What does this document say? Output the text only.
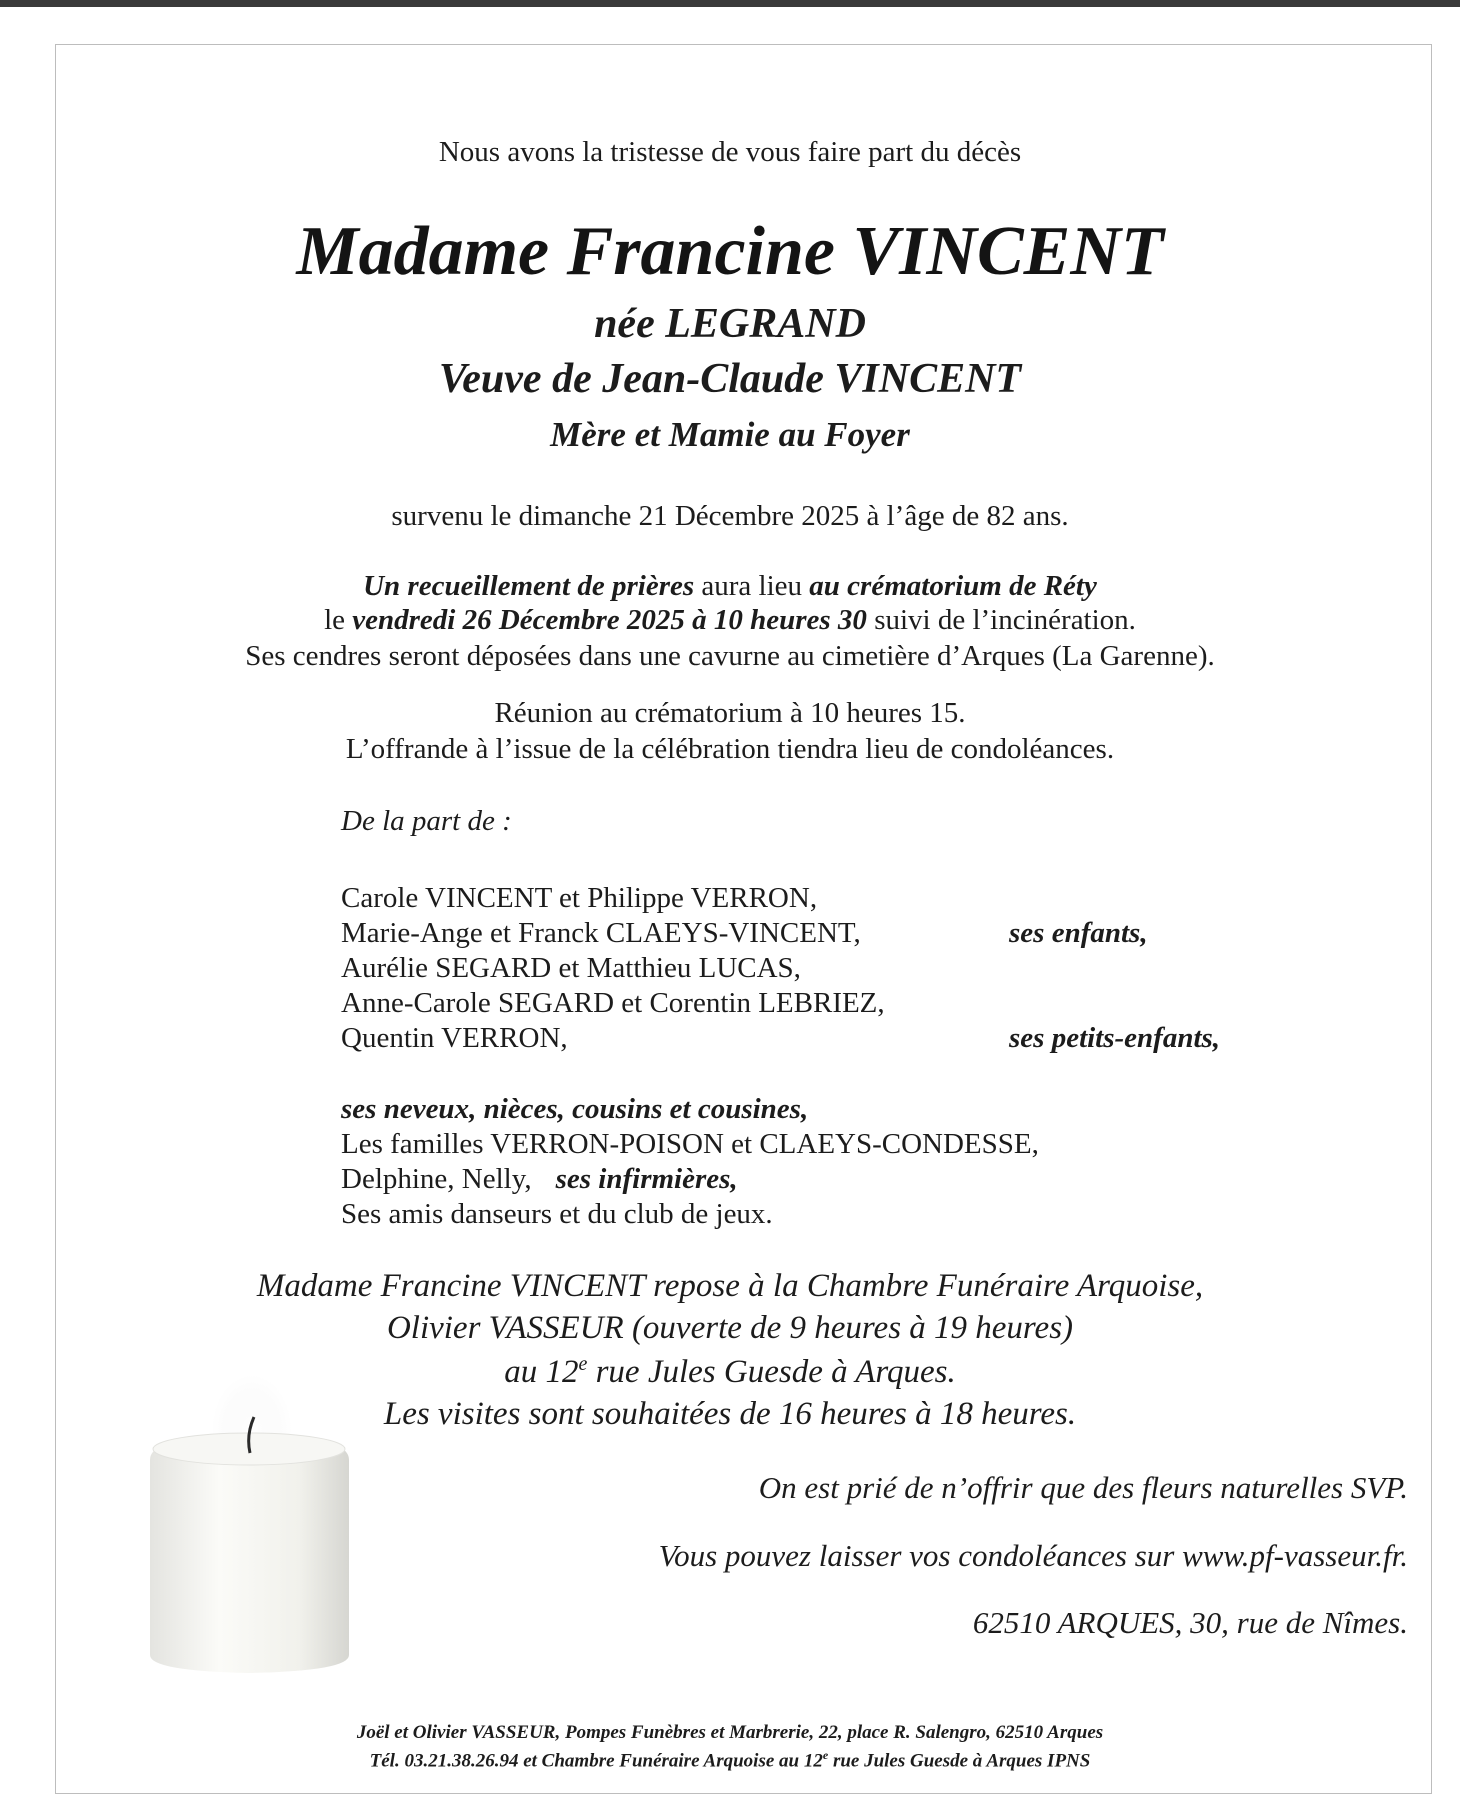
Nous avons la tristesse de vous faire part du décès
Madame Francine VINCENT
née LEGRAND
Veuve de Jean-Claude VINCENT
Mère et Mamie au Foyer
survenu le dimanche 21 Décembre 2025 à l’âge de 82 ans.
Un recueillement de prières aura lieu au crématorium de Réty
le vendredi 26 Décembre 2025 à 10 heures 30 suivi de l’incinération.
Ses cendres seront déposées dans une cavurne au cimetière d’Arques (La Garenne).
Réunion au crématorium à 10 heures 15.
L’offrande à l’issue de la célébration tiendra lieu de condoléances.
De la part de :
Carole VINCENT et Philippe VERRON,
Marie-Ange et Franck CLAEYS-VINCENT,	ses enfants,
Aurélie SEGARD et Matthieu LUCAS,
Anne-Carole SEGARD et Corentin LEBRIEZ,
Quentin VERRON,	ses petits-enfants,
ses neveux, nièces, cousins et cousines,
Les familles VERRON-POISON et CLAEYS-CONDESSE,
Delphine, Nelly, ses infirmières,
Ses amis danseurs et du club de jeux.
Madame Francine VINCENT repose à la Chambre Funéraire Arquoise,
Olivier VASSEUR (ouverte de 9 heures à 19 heures)
au 12e rue Jules Guesde à Arques.
Les visites sont souhaitées de 16 heures à 18 heures.
On est prié de n’offrir que des fleurs naturelles SVP.
Vous pouvez laisser vos condoléances sur www.pf-vasseur.fr.
62510 ARQUES, 30, rue de Nîmes.
Joël et Olivier VASSEUR, Pompes Funèbres et Marbrerie, 22, place R. Salengro, 62510 Arques
Tél. 03.21.38.26.94 et Chambre Funéraire Arquoise au 12e rue Jules Guesde à Arques IPNS
